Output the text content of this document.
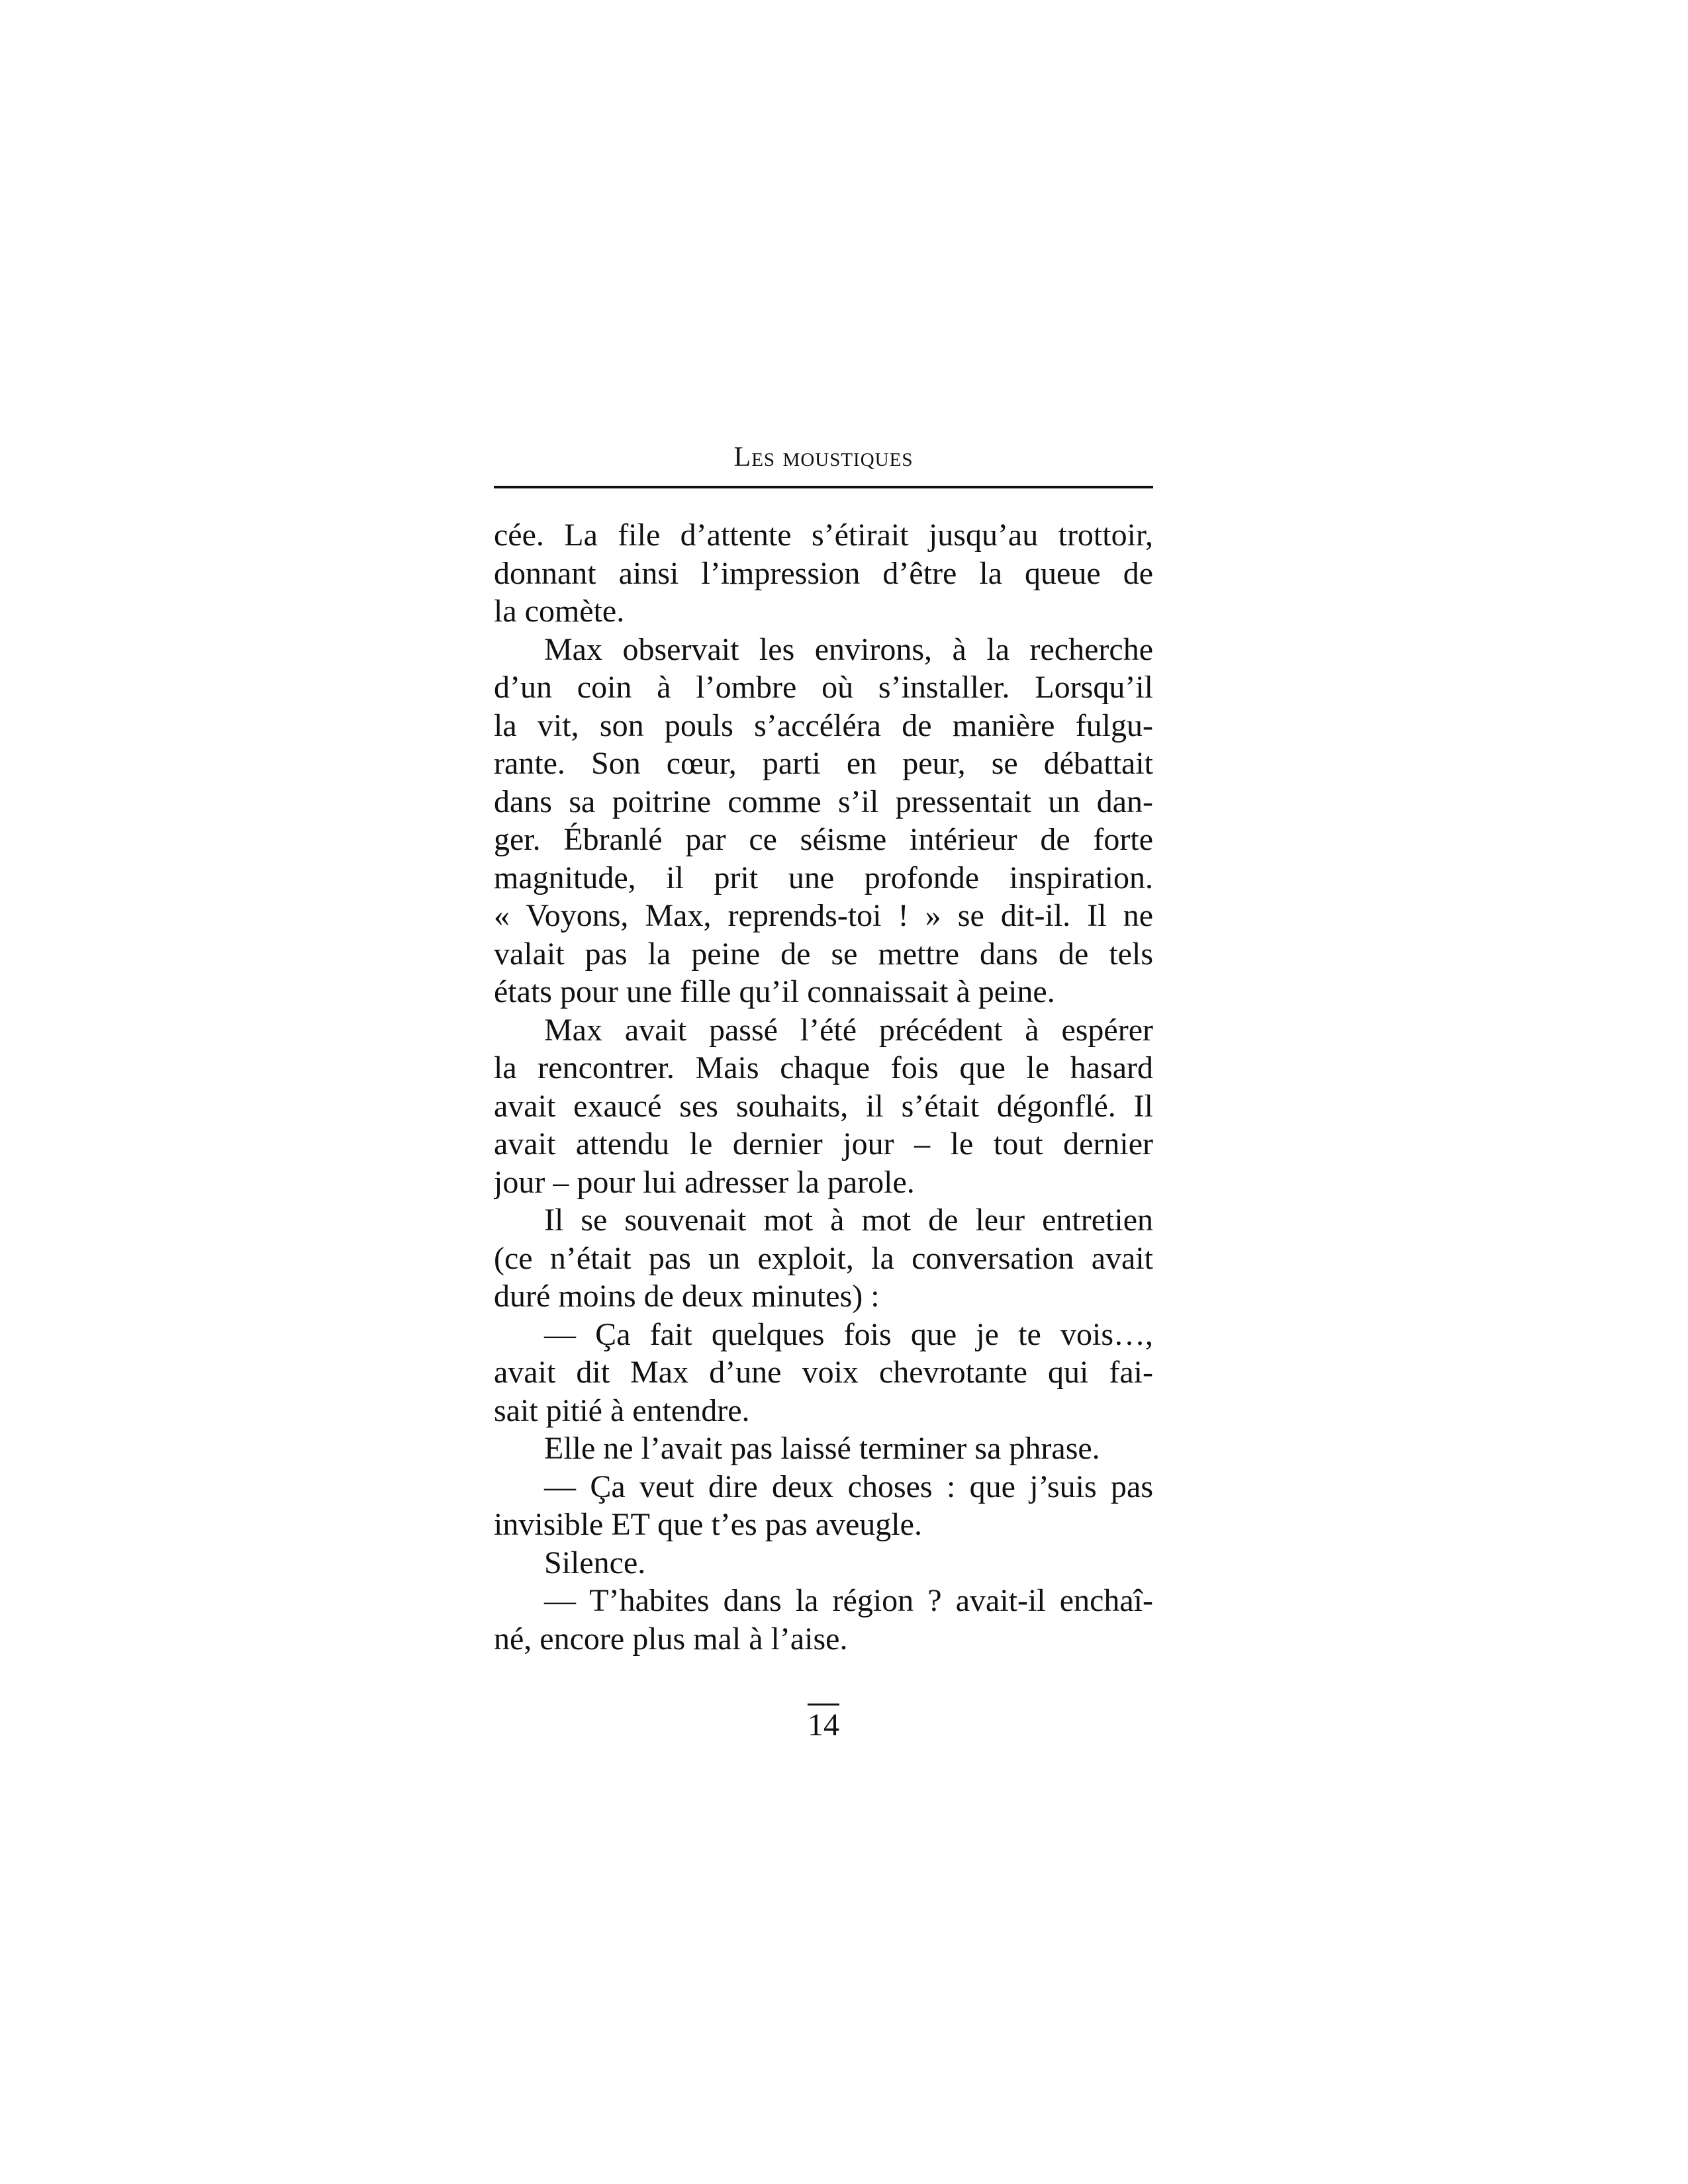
Les moustiques
cée. La file d’attente s’étirait jusqu’au trottoir,
donnant ainsi l’impression d’être la queue de
la comète.
Max observait les environs, à la recherche
d’un coin à l’ombre où s’installer. Lorsqu’il
la vit, son pouls s’accéléra de manière fulgu-
rante. Son cœur, parti en peur, se débattait
dans sa poitrine comme s’il pressentait un dan-
ger. Ébranlé par ce séisme intérieur de forte
magnitude, il prit une profonde inspiration.
« Voyons, Max, reprends-toi ! » se dit-il. Il ne
valait pas la peine de se mettre dans de tels
états pour une fille qu’il connaissait à peine.
Max avait passé l’été précédent à espérer
la rencontrer. Mais chaque fois que le hasard
avait exaucé ses souhaits, il s’était dégonflé. Il
avait attendu le dernier jour – le tout dernier
jour – pour lui adresser la parole.
Il se souvenait mot à mot de leur entretien
(ce n’était pas un exploit, la conversation avait
duré moins de deux minutes) :
— Ça fait quelques fois que je te vois…,
avait dit Max d’une voix chevrotante qui fai-
sait pitié à entendre.
Elle ne l’avait pas laissé terminer sa phrase.
— Ça veut dire deux choses : que j’suis pas
invisible ET que t’es pas aveugle.
Silence.
— T’habites dans la région ? avait-il enchaî-
né, encore plus mal à l’aise.
14
